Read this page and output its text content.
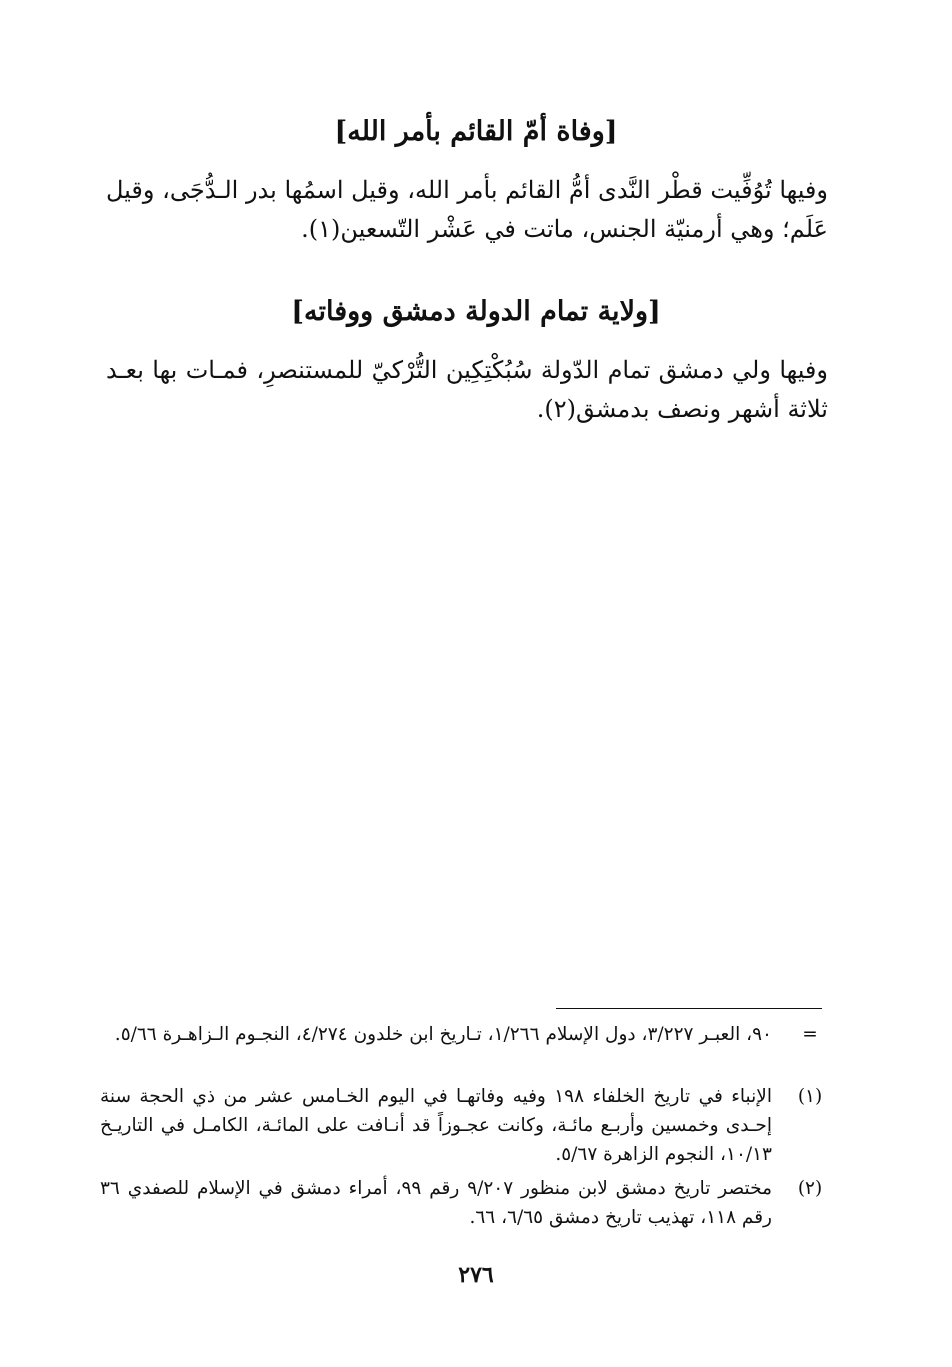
[وفاة أمّ القائم بأمر الله]
وفيها تُوُفِّيت قطْر النَّدى أمُّ القائم بأمر الله، وقيل اسمُها بدر الـدُّجَى، وقيل عَلَم؛ وهي أرمنيّة الجنس، ماتت في عَشْر التّسعين(١).
[ولاية تمام الدولة دمشق ووفاته]
وفيها ولي دمشق تمام الدّولة سُبُكْتِكِين التُّرْكيّ للمستنصرِ، فمـات بها بعـد ثلاثة أشهر ونصف بدمشق(٢).
=
٩٠، العبـر ٣/٢٢٧، دول الإسلام ١/٢٦٦، تـاريخ ابن خلدون ٤/٢٧٤، النجـوم الـزاهـرة ٥/٦٦.
(١)
الإنباء في تاريخ الخلفاء ١٩٨ وفيه وفاتهـا في اليوم الخـامس عشر من ذي الحجة سنة إحـدى وخمسين وأربـع مائـة، وكانت عجـوزاً قد أنـافت على المائـة، الكامـل في التاريـخ ١٠/١٣، النجوم الزاهرة ٥/٦٧.
(٢)
مختصر تاريخ دمشق لابن منظور ٩/٢٠٧ رقم ٩٩، أمراء دمشق في الإسلام للصفدي ٣٦ رقم ١١٨، تهذيب تاريخ دمشق ٦/٦٥، ٦٦.
٢٧٦
